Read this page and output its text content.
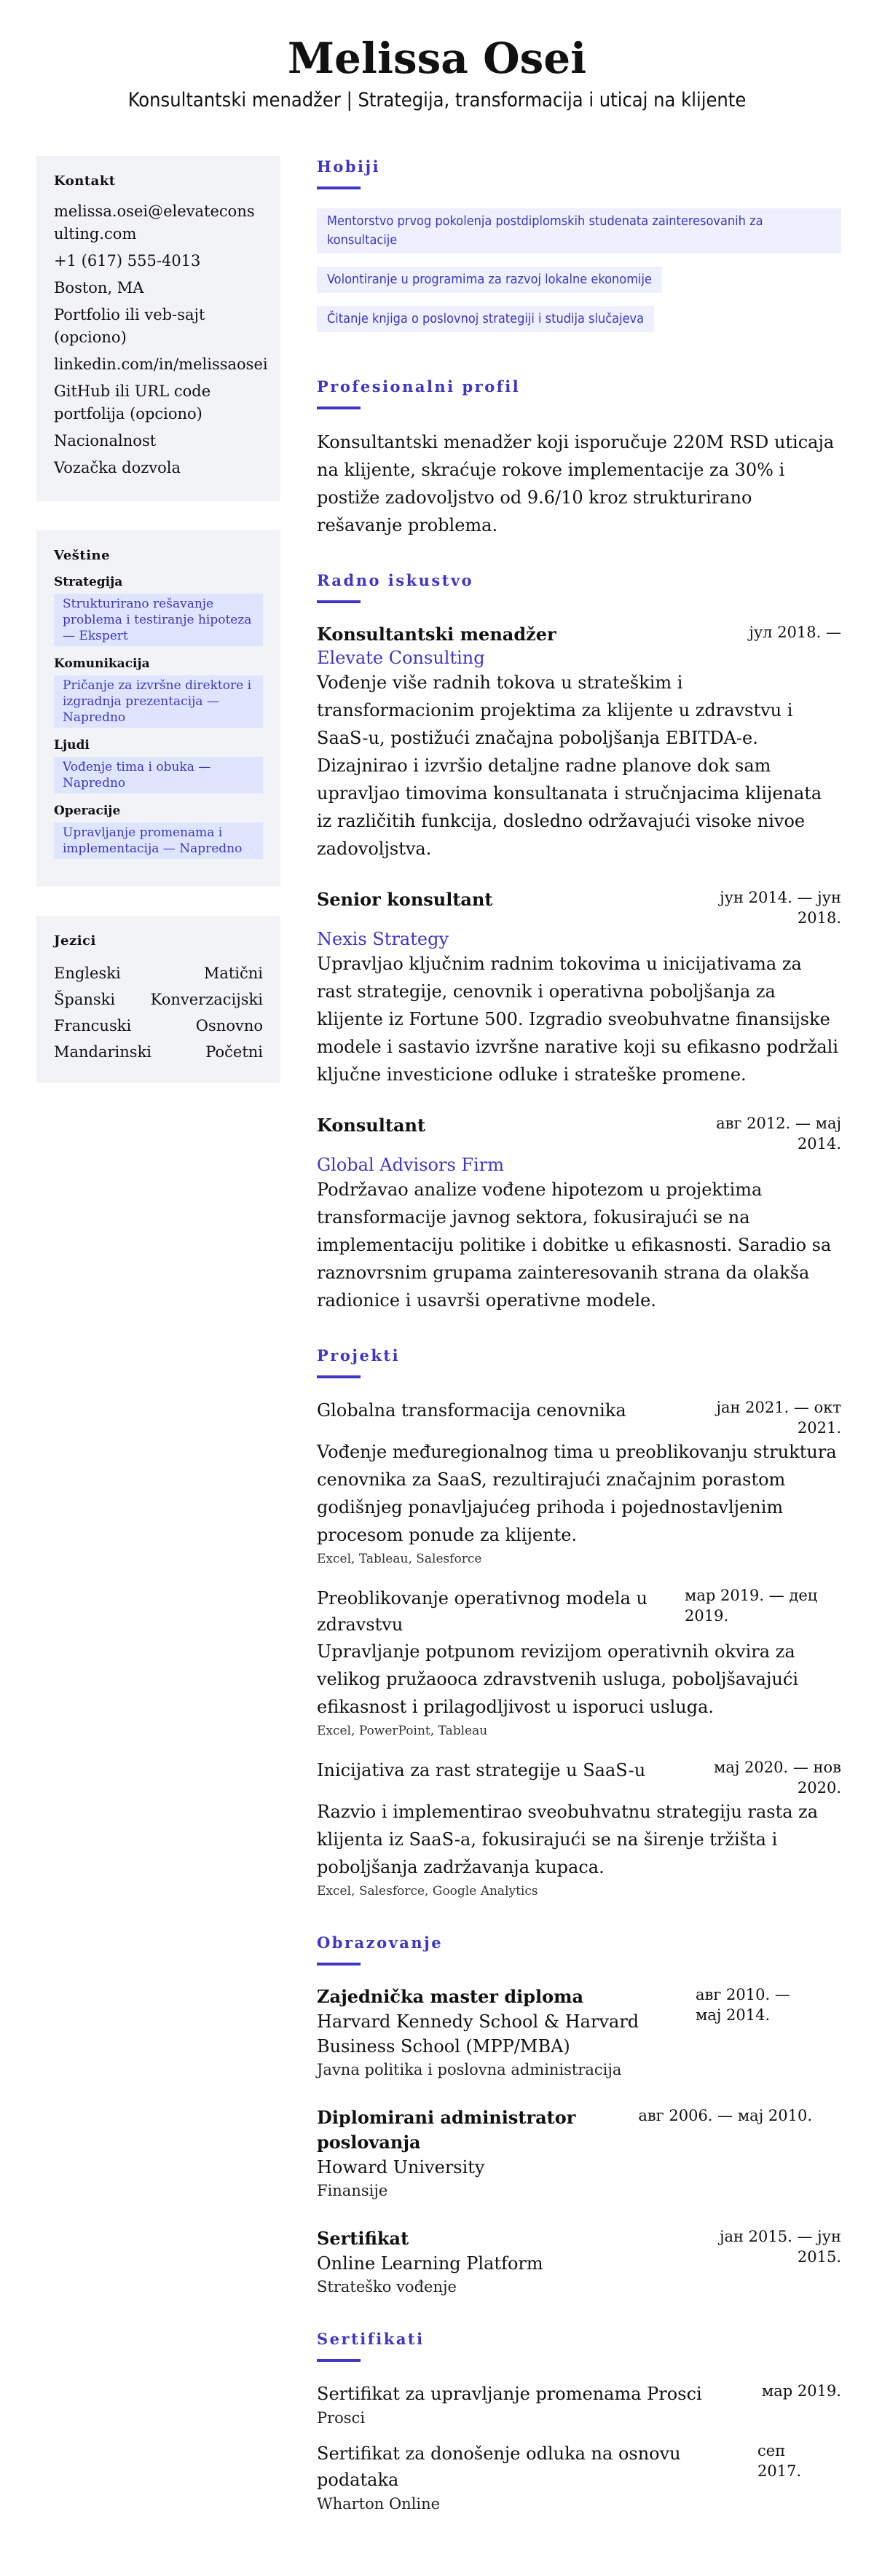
Melissa Osei
Konsultantski menadžer | Strategija, transformacija i uticaj na klijente
Kontakt
melissa.osei@elevateconsulting.com
+1 (617) 555-4013
Boston, MA
Portfolio ili veb-sajt (opciono)
linkedin.com/in/melissaosei
GitHub ili URL code portfolija (opciono)
Nacionalnost
Vozačka dozvola
Veštine
Strategija
Strukturirano rešavanje problema i testiranje hipoteza — Ekspert
Komunikacija
Pričanje za izvršne direktore i izgradnja prezentacija — Napredno
Ljudi
Vođenje tima i obuka — Napredno
Operacije
Upravljanje promenama i implementacija — Napredno
Jezici
Engleski	Matični
Španski Konverzacijski
Francuski	Osnovno
Mandarinski	Početni
Hobiji
Mentorstvo prvog pokolenja postdiplomskih studenata zainteresovanih za konsultacije
Volontiranje u programima za razvoj lokalne ekonomije
Čitanje knjiga o poslovnoj strategiji i studija slučajeva
Profesionalni profil

Konsultantski menadžer koji isporučuje 220M RSD uticaja na klijente, skraćuje rokove implementacije za 30% i postiže zadovoljstvo od 9.6/10 kroz strukturirano rešavanje problema.

Radno iskustvo
Konsultantski menadžer	јул 2018. —
Elevate Consulting

Vođenje više radnih tokova u strateškim i transformacionim projektima za klijente u zdravstvu i SaaS-u, postižući značajna poboljšanja EBITDA-e. Dizajnirao i izvršio detaljne radne planove dok sam upravljao timovima konsultanata i stručnjacima klijenata iz različitih funkcija, dosledno održavajući visoke nivoe zadovoljstva.

Senior konsultant	јун 2014. — јун 2018.
Nexis Strategy

Upravljao ključnim radnim tokovima u inicijativama za rast strategije, cenovnik i operativna poboljšanja za klijente iz Fortune 500. Izgradio sveobuhvatne finansijske modele i sastavio izvršne narative koji su efikasno podržali ključne investicione odluke i strateške promene.

Konsultant	авг 2012. — мај 2014.
Global Advisors Firm

Podržavao analize vođene hipotezom u projektima transformacije javnog sektora, fokusirajući se na implementaciju politike i dobitke u efikasnosti. Saradio sa raznovrsnim grupama zainteresovanih strana da olakša radionice i usavrši operativne modele.

Projekti
Globalna transformacija cenovnika	јан 2021. — окт 2021.

Vođenje međuregionalnog tima u preoblikovanju struktura cenovnika za SaaS, rezultirajući značajnim porastom godišnjeg ponavljajućeg prihoda i pojednostavljenim procesom ponude za klijente.

Excel, Tableau, Salesforce
Preoblikovanje operativnog modela u zdravstvu
мар 2019. — дец 2019.

Upravljanje potpunom revizijom operativnih okvira za velikog pružaooca zdravstvenih usluga, poboljšavajući efikasnost i prilagodljivost u isporuci usluga.

Excel, PowerPoint, Tableau
Inicijativa za rast strategije u SaaS-u	мај 2020. — нов 2020.

Razvio i implementirao sveobuhvatnu strategiju rasta za klijenta iz SaaS-a, fokusirajući se na širenje tržišta i poboljšanja zadržavanja kupaca.

Excel, Salesforce, Google Analytics
Obrazovanje
Zajednička master diploma
Harvard Kennedy School & Harvard Business School (MPP/MBA)
Javna politika i poslovna administracija
авг 2010. — мај 2014.
Diplomirani administrator poslovanja
Howard University
Finansije
авг 2006. — мај 2010.
Sertifikat
Online Learning Platform
Strateško vođenje
јан 2015. — јун 2015.
Sertifikati
Sertifikat za upravljanje promenama Prosci
Prosci
мар 2019.
Sertifikat za donošenje odluka na osnovu podataka
Wharton Online
сеп 2017.
